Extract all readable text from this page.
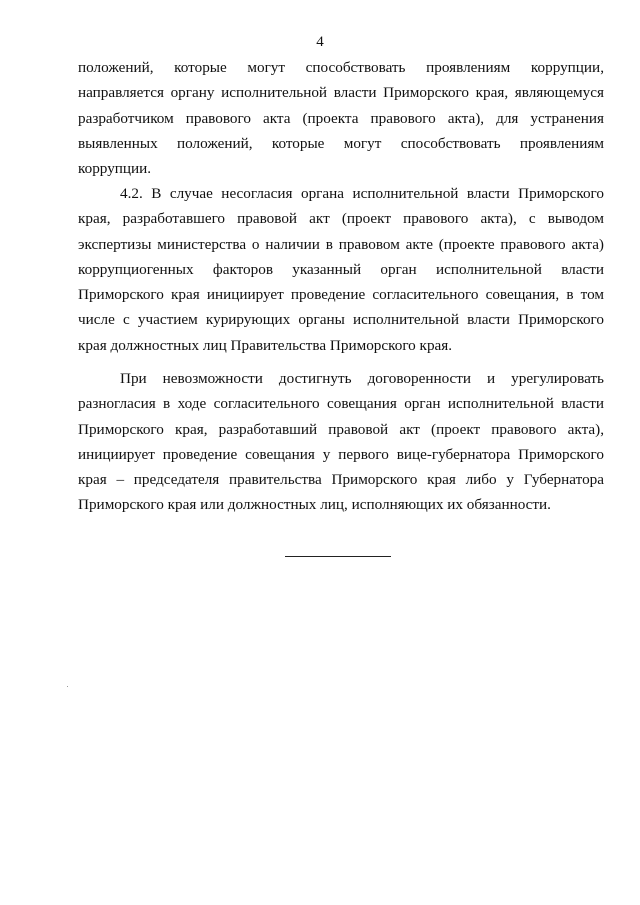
4
положений, которые могут способствовать проявлениям коррупции,
направляется органу исполнительной власти Приморского края, являющемуся
разработчиком правового акта (проекта правового акта), для устранения
выявленных положений, которые могут способствовать проявлениям
коррупции.
4.2. В случае несогласия органа исполнительной власти Приморского
края, разработавшего правовой акт (проект правового акта), с выводом
экспертизы министерства о наличии в правовом акте (проекте правового акта)
коррупциогенных факторов указанный орган исполнительной власти
Приморского края инициирует проведение согласительного совещания, в том
числе с участием курирующих органы исполнительной власти Приморского
края должностных лиц Правительства Приморского края.
При невозможности достигнуть договоренности и урегулировать
разногласия в ходе согласительного совещания орган исполнительной власти
Приморского края, разработавший правовой акт (проект правового акта),
инициирует проведение совещания у первого вице-губернатора Приморского
края – председателя правительства Приморского края либо у Губернатора
Приморского края или должностных лиц, исполняющих их обязанности.
